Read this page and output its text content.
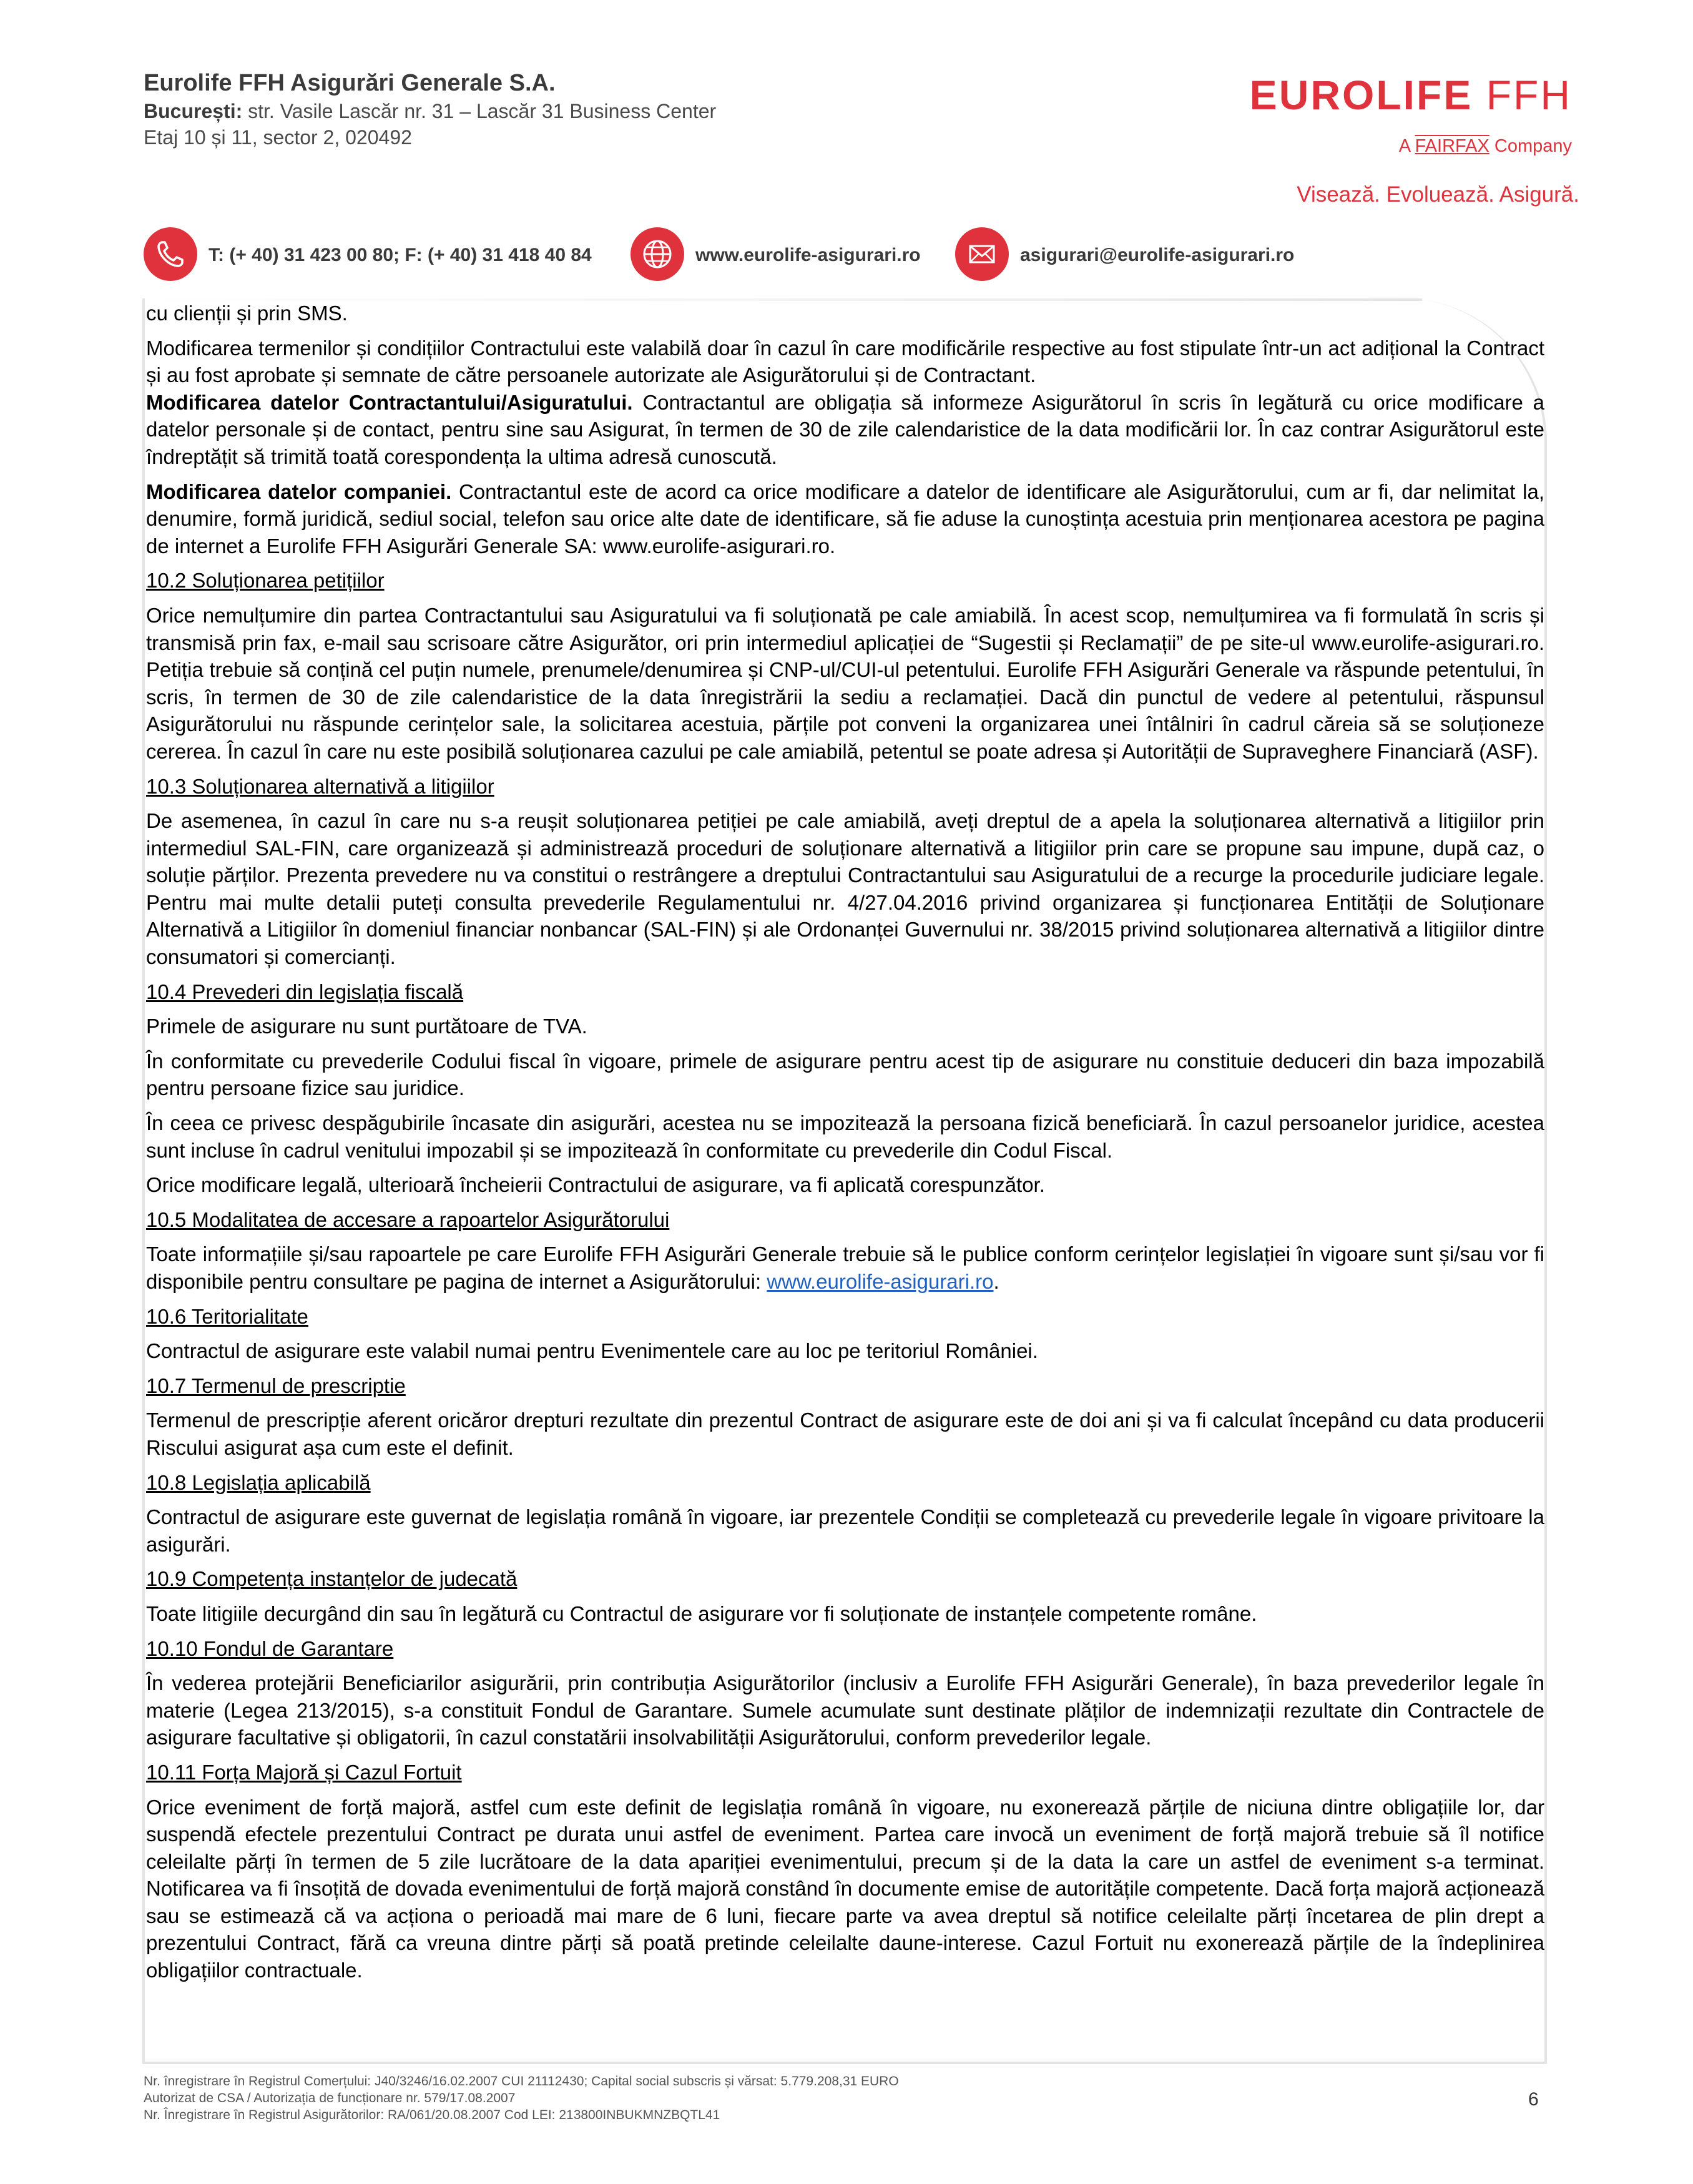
Eurolife FFH Asigurări Generale S.A.
București: str. Vasile Lascăr nr. 31 – Lascăr 31 Business Center
Etaj 10 și 11, sector 2, 020492
EUROLIFE FFH
A FAIRFAX Company
Visează. Evoluează. Asigură.
T: (+ 40) 31 423 00 80; F: (+ 40) 31 418 40 84	www.eurolife-asigurari.ro	asigurari@eurolife-asigurari.ro

cu clienții și prin SMS.

Modificarea termenilor și condițiilor Contractului este valabilă doar în cazul în care modificările respective au fost stipulate într-un act adițional la Contract și au fost aprobate și semnate de către persoanele autorizate ale Asigurătorului și de Contractant.

Modificarea datelor Contractantului/Asiguratului. Contractantul are obligația să informeze Asigurătorul în scris în legătură cu orice modificare a datelor personale și de contact, pentru sine sau Asigurat, în termen de 30 de zile calendaristice de la data modificării lor. În caz contrar Asigurătorul este îndreptățit să trimită toată corespondența la ultima adresă cunoscută.

Modificarea datelor companiei. Contractantul este de acord ca orice modificare a datelor de identificare ale Asigurătorului, cum ar fi, dar nelimitat la, denumire, formă juridică, sediul social, telefon sau orice alte date de identificare, să fie aduse la cunoștința acestuia prin menționarea acestora pe pagina de internet a Eurolife FFH Asigurări Generale SA: www.eurolife-asigurari.ro.

10.2 Soluționarea petițiilor

Orice nemulțumire din partea Contractantului sau Asiguratului va fi soluționată pe cale amiabilă. În acest scop, nemulțumirea va fi formulată în scris și transmisă prin fax, e-mail sau scrisoare către Asigurător, ori prin intermediul aplicației de “Sugestii și Reclamații” de pe site-ul www.eurolife-asigurari.ro. Petiția trebuie să conțină cel puțin numele, prenumele/denumirea și CNP-ul/CUI-ul petentului. Eurolife FFH Asigurări Generale va răspunde petentului, în scris, în termen de 30 de zile calendaristice de la data înregistrării la sediu a reclamației. Dacă din punctul de vedere al petentului, răspunsul Asigurătorului nu răspunde cerințelor sale, la solicitarea acestuia, părțile pot conveni la organizarea unei întâlniri în cadrul căreia să se soluționeze cererea. În cazul în care nu este posibilă soluționarea cazului pe cale amiabilă, petentul se poate adresa și Autorității de Supraveghere Financiară (ASF).

10.3 Soluționarea alternativă a litigiilor

De asemenea, în cazul în care nu s-a reușit soluționarea petiției pe cale amiabilă, aveți dreptul de a apela la soluționarea alternativă a litigiilor prin intermediul SAL-FIN, care organizează și administrează proceduri de soluționare alternativă a litigiilor prin care se propune sau impune, după caz, o soluție părților. Prezenta prevedere nu va constitui o restrângere a dreptului Contractantului sau Asiguratului de a recurge la procedurile judiciare legale. Pentru mai multe detalii puteți consulta prevederile Regulamentului nr. 4/27.04.2016 privind organizarea și funcționarea Entității de Soluționare Alternativă a Litigiilor în domeniul financiar nonbancar (SAL-FIN) și ale Ordonanței Guvernului nr. 38/2015 privind soluționarea alternativă a litigiilor dintre consumatori și comercianți.

10.4 Prevederi din legislația fiscală

Primele de asigurare nu sunt purtătoare de TVA.

În conformitate cu prevederile Codului fiscal în vigoare, primele de asigurare pentru acest tip de asigurare nu constituie deduceri din baza impozabilă pentru persoane fizice sau juridice.

În ceea ce privesc despăgubirile încasate din asigurări, acestea nu se impozitează la persoana fizică beneficiară. În cazul persoanelor juridice, acestea sunt incluse în cadrul venitului impozabil și se impozitează în conformitate cu prevederile din Codul Fiscal.

Orice modificare legală, ulterioară încheierii Contractului de asigurare, va fi aplicată corespunzător.

10.5 Modalitatea de accesare a rapoartelor Asigurătorului

Toate informațiile și/sau rapoartele pe care Eurolife FFH Asigurări Generale trebuie să le publice conform cerințelor legislației în vigoare sunt și/sau vor fi disponibile pentru consultare pe pagina de internet a Asigurătorului: www.eurolife-asigurari.ro.

10.6 Teritorialitate

Contractul de asigurare este valabil numai pentru Evenimentele care au loc pe teritoriul României.

10.7 Termenul de prescriptie

Termenul de prescripție aferent oricăror drepturi rezultate din prezentul Contract de asigurare este de doi ani și va fi calculat începând cu data producerii Riscului asigurat așa cum este el definit.

10.8 Legislația aplicabilă

Contractul de asigurare este guvernat de legislația română în vigoare, iar prezentele Condiții se completează cu prevederile legale în vigoare privitoare la asigurări.

10.9 Competența instanțelor de judecată

Toate litigiile decurgând din sau în legătură cu Contractul de asigurare vor fi soluționate de instanțele competente române.

10.10 Fondul de Garantare

În vederea protejării Beneficiarilor asigurării, prin contribuția Asigurătorilor (inclusiv a Eurolife FFH Asigurări Generale), în baza prevederilor legale în materie (Legea 213/2015), s-a constituit Fondul de Garantare. Sumele acumulate sunt destinate plăților de indemnizații rezultate din Contractele de asigurare facultative și obligatorii, în cazul constatării insolvabilității Asigurătorului, conform prevederilor legale.

10.11 Forța Majoră și Cazul Fortuit

Orice eveniment de forță majoră, astfel cum este definit de legislația română în vigoare, nu exonerează părțile de niciuna dintre obligațiile lor, dar suspendă efectele prezentului Contract pe durata unui astfel de eveniment. Partea care invocă un eveniment de forță majoră trebuie să îl notifice celeilalte părți în termen de 5 zile lucrătoare de la data apariției evenimentului, precum și de la data la care un astfel de eveniment s-a terminat. Notificarea va fi însoțită de dovada evenimentului de forță majoră constând în documente emise de autoritățile competente. Dacă forța majoră acționează sau se estimează că va acționa o perioadă mai mare de 6 luni, fiecare parte va avea dreptul să notifice celeilalte părți încetarea de plin drept a prezentului Contract, fără ca vreuna dintre părți să poată pretinde celeilalte daune-interese. Cazul Fortuit nu exonerează părțile de la îndeplinirea obligațiilor contractuale.

Nr. înregistrare în Registrul Comerțului: J40/3246/16.02.2007 CUI 21112430; Capital social subscris și vărsat: 5.779.208,31 EURO
Autorizat de CSA / Autorizația de funcționare nr. 579/17.08.2007
Nr. Înregistrare în Registrul Asigurătorilor: RA/061/20.08.2007 Cod LEI: 213800INBUKMNZBQTL41
6
